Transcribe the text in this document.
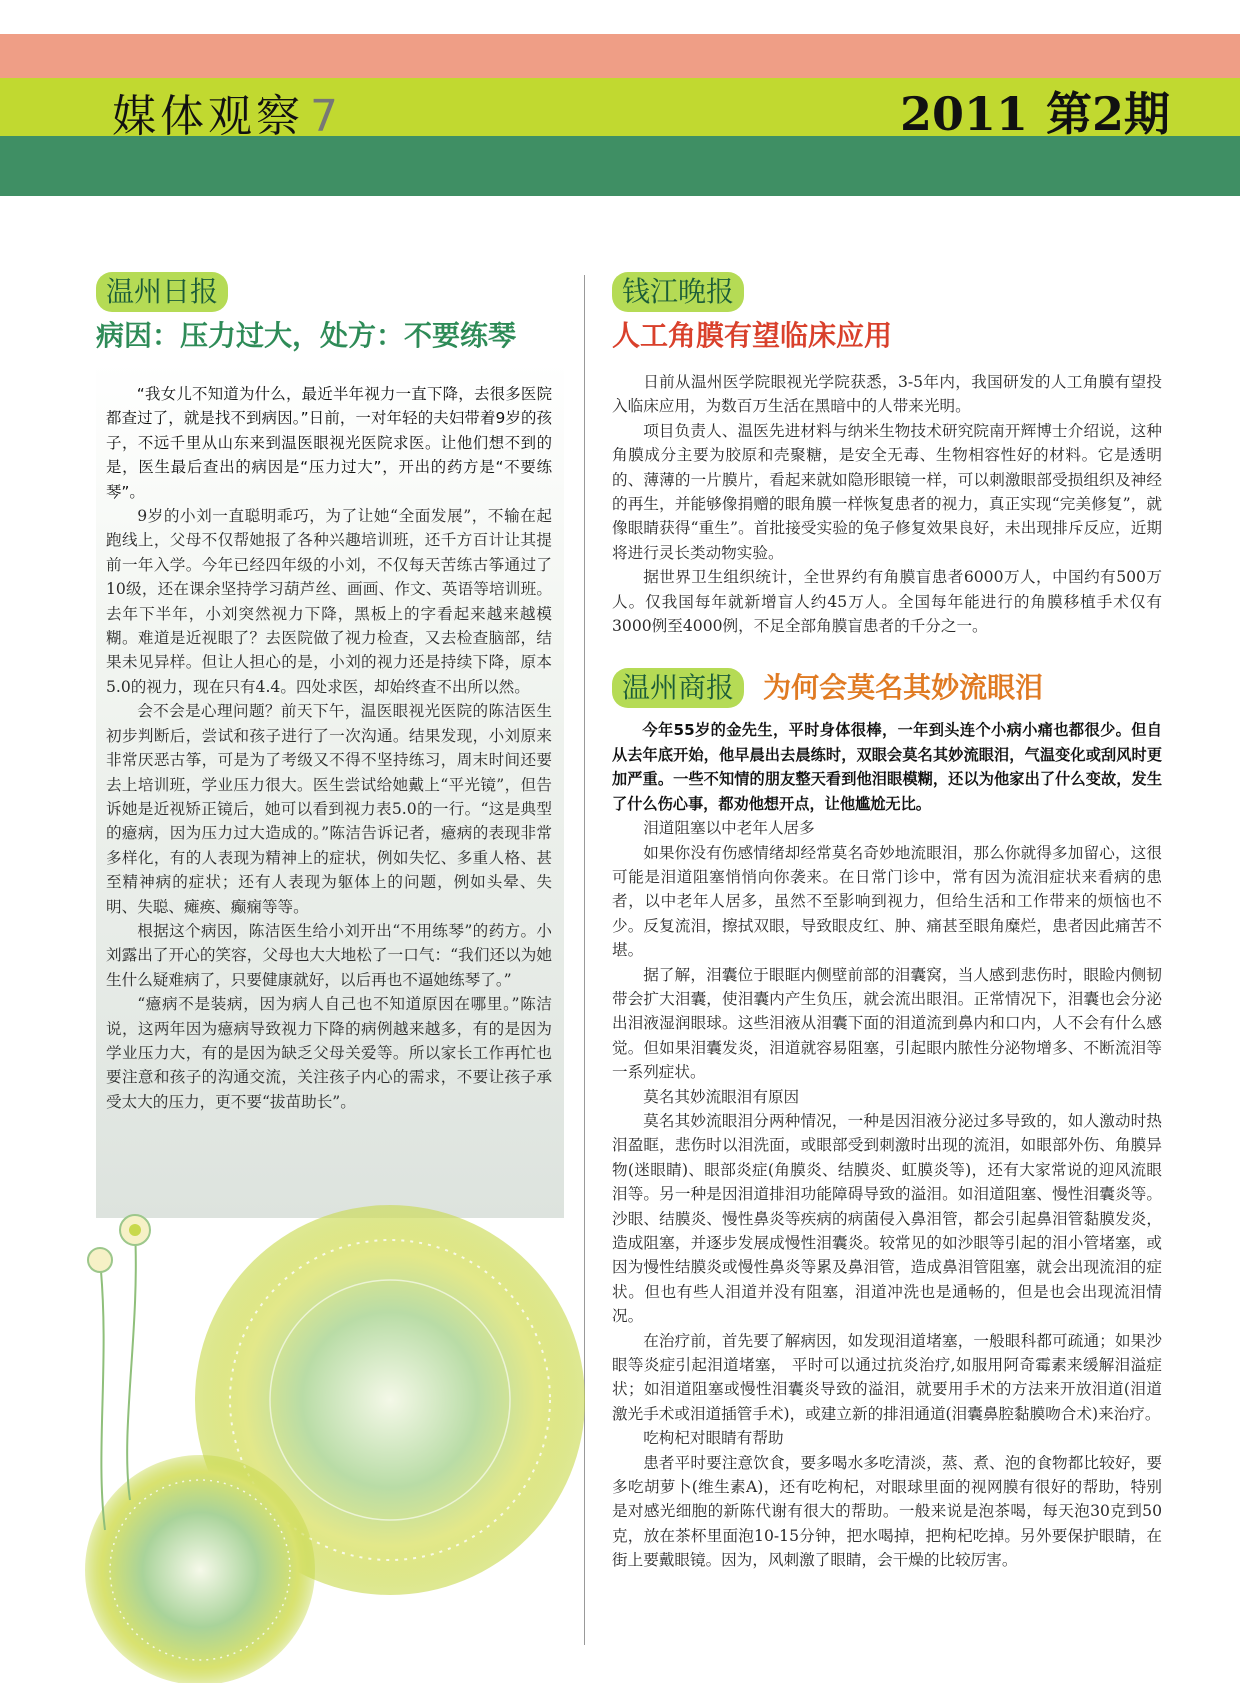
媒体观察 7	2011 第2期
温州日报
病因：压力过大，处方：不要练琴

“我女儿不知道为什么，最近半年视力一直下降，去很多医院都查过了，就是找不到病因。”日前，一对年轻的夫妇带着9岁的孩子，不远千里从山东来到温医眼视光医院求医。让他们想不到的是，医生最后查出的病因是“压力过大”，开出的药方是“不要练琴”。

9岁的小刘一直聪明乖巧，为了让她“全面发展”，不输在起跑线上，父母不仅帮她报了各种兴趣培训班，还千方百计让其提前一年入学。今年已经四年级的小刘，不仅每天苦练古筝通过了10级，还在课余坚持学习葫芦丝、画画、作文、英语等培训班。去年下半年，小刘突然视力下降，黑板上的字看起来越来越模糊。难道是近视眼了？去医院做了视力检查，又去检查脑部，结果未见异样。但让人担心的是，小刘的视力还是持续下降，原本5.0的视力，现在只有4.4。四处求医，却始终查不出所以然。

会不会是心理问题？前天下午，温医眼视光医院的陈洁医生初步判断后，尝试和孩子进行了一次沟通。结果发现，小刘原来非常厌恶古筝，可是为了考级又不得不坚持练习，周末时间还要去上培训班，学业压力很大。医生尝试给她戴上“平光镜”，但告诉她是近视矫正镜后，她可以看到视力表5.0的一行。“这是典型的癔病，因为压力过大造成的。”陈洁告诉记者，癔病的表现非常多样化，有的人表现为精神上的症状，例如失忆、多重人格、甚至精神病的症状；还有人表现为躯体上的问题，例如头晕、失明、失聪、瘫痪、癫痫等等。

根据这个病因，陈洁医生给小刘开出“不用练琴”的药方。小刘露出了开心的笑容，父母也大大地松了一口气：“我们还以为她生什么疑难病了，只要健康就好，以后再也不逼她练琴了。”

“癔病不是装病，因为病人自己也不知道原因在哪里。”陈洁说，这两年因为癔病导致视力下降的病例越来越多，有的是因为学业压力大，有的是因为缺乏父母关爱等。所以家长工作再忙也要注意和孩子的沟通交流，关注孩子内心的需求，不要让孩子承受太大的压力，更不要“拔苗助长”。

钱江晚报
人工角膜有望临床应用

日前从温州医学院眼视光学院获悉，3-5年内，我国研发的人工角膜有望投入临床应用，为数百万生活在黑暗中的人带来光明。

项目负责人、温医先进材料与纳米生物技术研究院南开辉博士介绍说，这种角膜成分主要为胶原和壳聚糖，是安全无毒、生物相容性好的材料。它是透明的、薄薄的一片膜片，看起来就如隐形眼镜一样，可以刺激眼部受损组织及神经的再生，并能够像捐赠的眼角膜一样恢复患者的视力，真正实现“完美修复”，就像眼睛获得“重生”。首批接受实验的兔子修复效果良好，未出现排斥反应，近期将进行灵长类动物实验。

据世界卫生组织统计，全世界约有角膜盲患者6000万人，中国约有500万人。仅我国每年就新增盲人约45万人。全国每年能进行的角膜移植手术仅有3000例至4000例，不足全部角膜盲患者的千分之一。

温州商报 为何会莫名其妙流眼泪

今年55岁的金先生，平时身体很棒，一年到头连个小病小痛也都很少。但自从去年底开始，他早晨出去晨练时，双眼会莫名其妙流眼泪，气温变化或刮风时更加严重。一些不知情的朋友整天看到他泪眼模糊，还以为他家出了什么变故，发生了什么伤心事，都劝他想开点，让他尴尬无比。

泪道阻塞以中老年人居多

如果你没有伤感情绪却经常莫名奇妙地流眼泪，那么你就得多加留心，这很可能是泪道阻塞悄悄向你袭来。在日常门诊中，常有因为流泪症状来看病的患者，以中老年人居多，虽然不至影响到视力，但给生活和工作带来的烦恼也不少。反复流泪，擦拭双眼，导致眼皮红、肿、痛甚至眼角糜烂，患者因此痛苦不堪。

据了解，泪囊位于眼眶内侧壁前部的泪囊窝，当人感到悲伤时，眼睑内侧韧带会扩大泪囊，使泪囊内产生负压，就会流出眼泪。正常情况下，泪囊也会分泌出泪液湿润眼球。这些泪液从泪囊下面的泪道流到鼻内和口内，人不会有什么感觉。但如果泪囊发炎，泪道就容易阻塞，引起眼内脓性分泌物增多、不断流泪等一系列症状。

莫名其妙流眼泪有原因

莫名其妙流眼泪分两种情况，一种是因泪液分泌过多导致的，如人激动时热泪盈眶，悲伤时以泪洗面，或眼部受到刺激时出现的流泪，如眼部外伤、角膜异物(迷眼睛)、眼部炎症(角膜炎、结膜炎、虹膜炎等)，还有大家常说的迎风流眼泪等。另一种是因泪道排泪功能障碍导致的溢泪。如泪道阻塞、慢性泪囊炎等。沙眼、结膜炎、慢性鼻炎等疾病的病菌侵入鼻泪管，都会引起鼻泪管黏膜发炎，造成阻塞，并逐步发展成慢性泪囊炎。较常见的如沙眼等引起的泪小管堵塞，或因为慢性结膜炎或慢性鼻炎等累及鼻泪管，造成鼻泪管阻塞，就会出现流泪的症状。但也有些人泪道并没有阻塞，泪道冲洗也是通畅的，但是也会出现流泪情况。

在治疗前，首先要了解病因，如发现泪道堵塞，一般眼科都可疏通；如果沙眼等炎症引起泪道堵塞， 平时可以通过抗炎治疗,如服用阿奇霉素来缓解泪溢症状；如泪道阻塞或慢性泪囊炎导致的溢泪，就要用手术的方法来开放泪道(泪道激光手术或泪道插管手术)，或建立新的排泪通道(泪囊鼻腔黏膜吻合术)来治疗。

吃枸杞对眼睛有帮助

患者平时要注意饮食，要多喝水多吃清淡，蒸、煮、泡的食物都比较好，要多吃胡萝卜(维生素A)，还有吃枸杞，对眼球里面的视网膜有很好的帮助，特别是对感光细胞的新陈代谢有很大的帮助。一般来说是泡茶喝，每天泡30克到50克，放在茶杯里面泡10-15分钟，把水喝掉，把枸杞吃掉。另外要保护眼睛，在街上要戴眼镜。因为，风刺激了眼睛，会干燥的比较厉害。
